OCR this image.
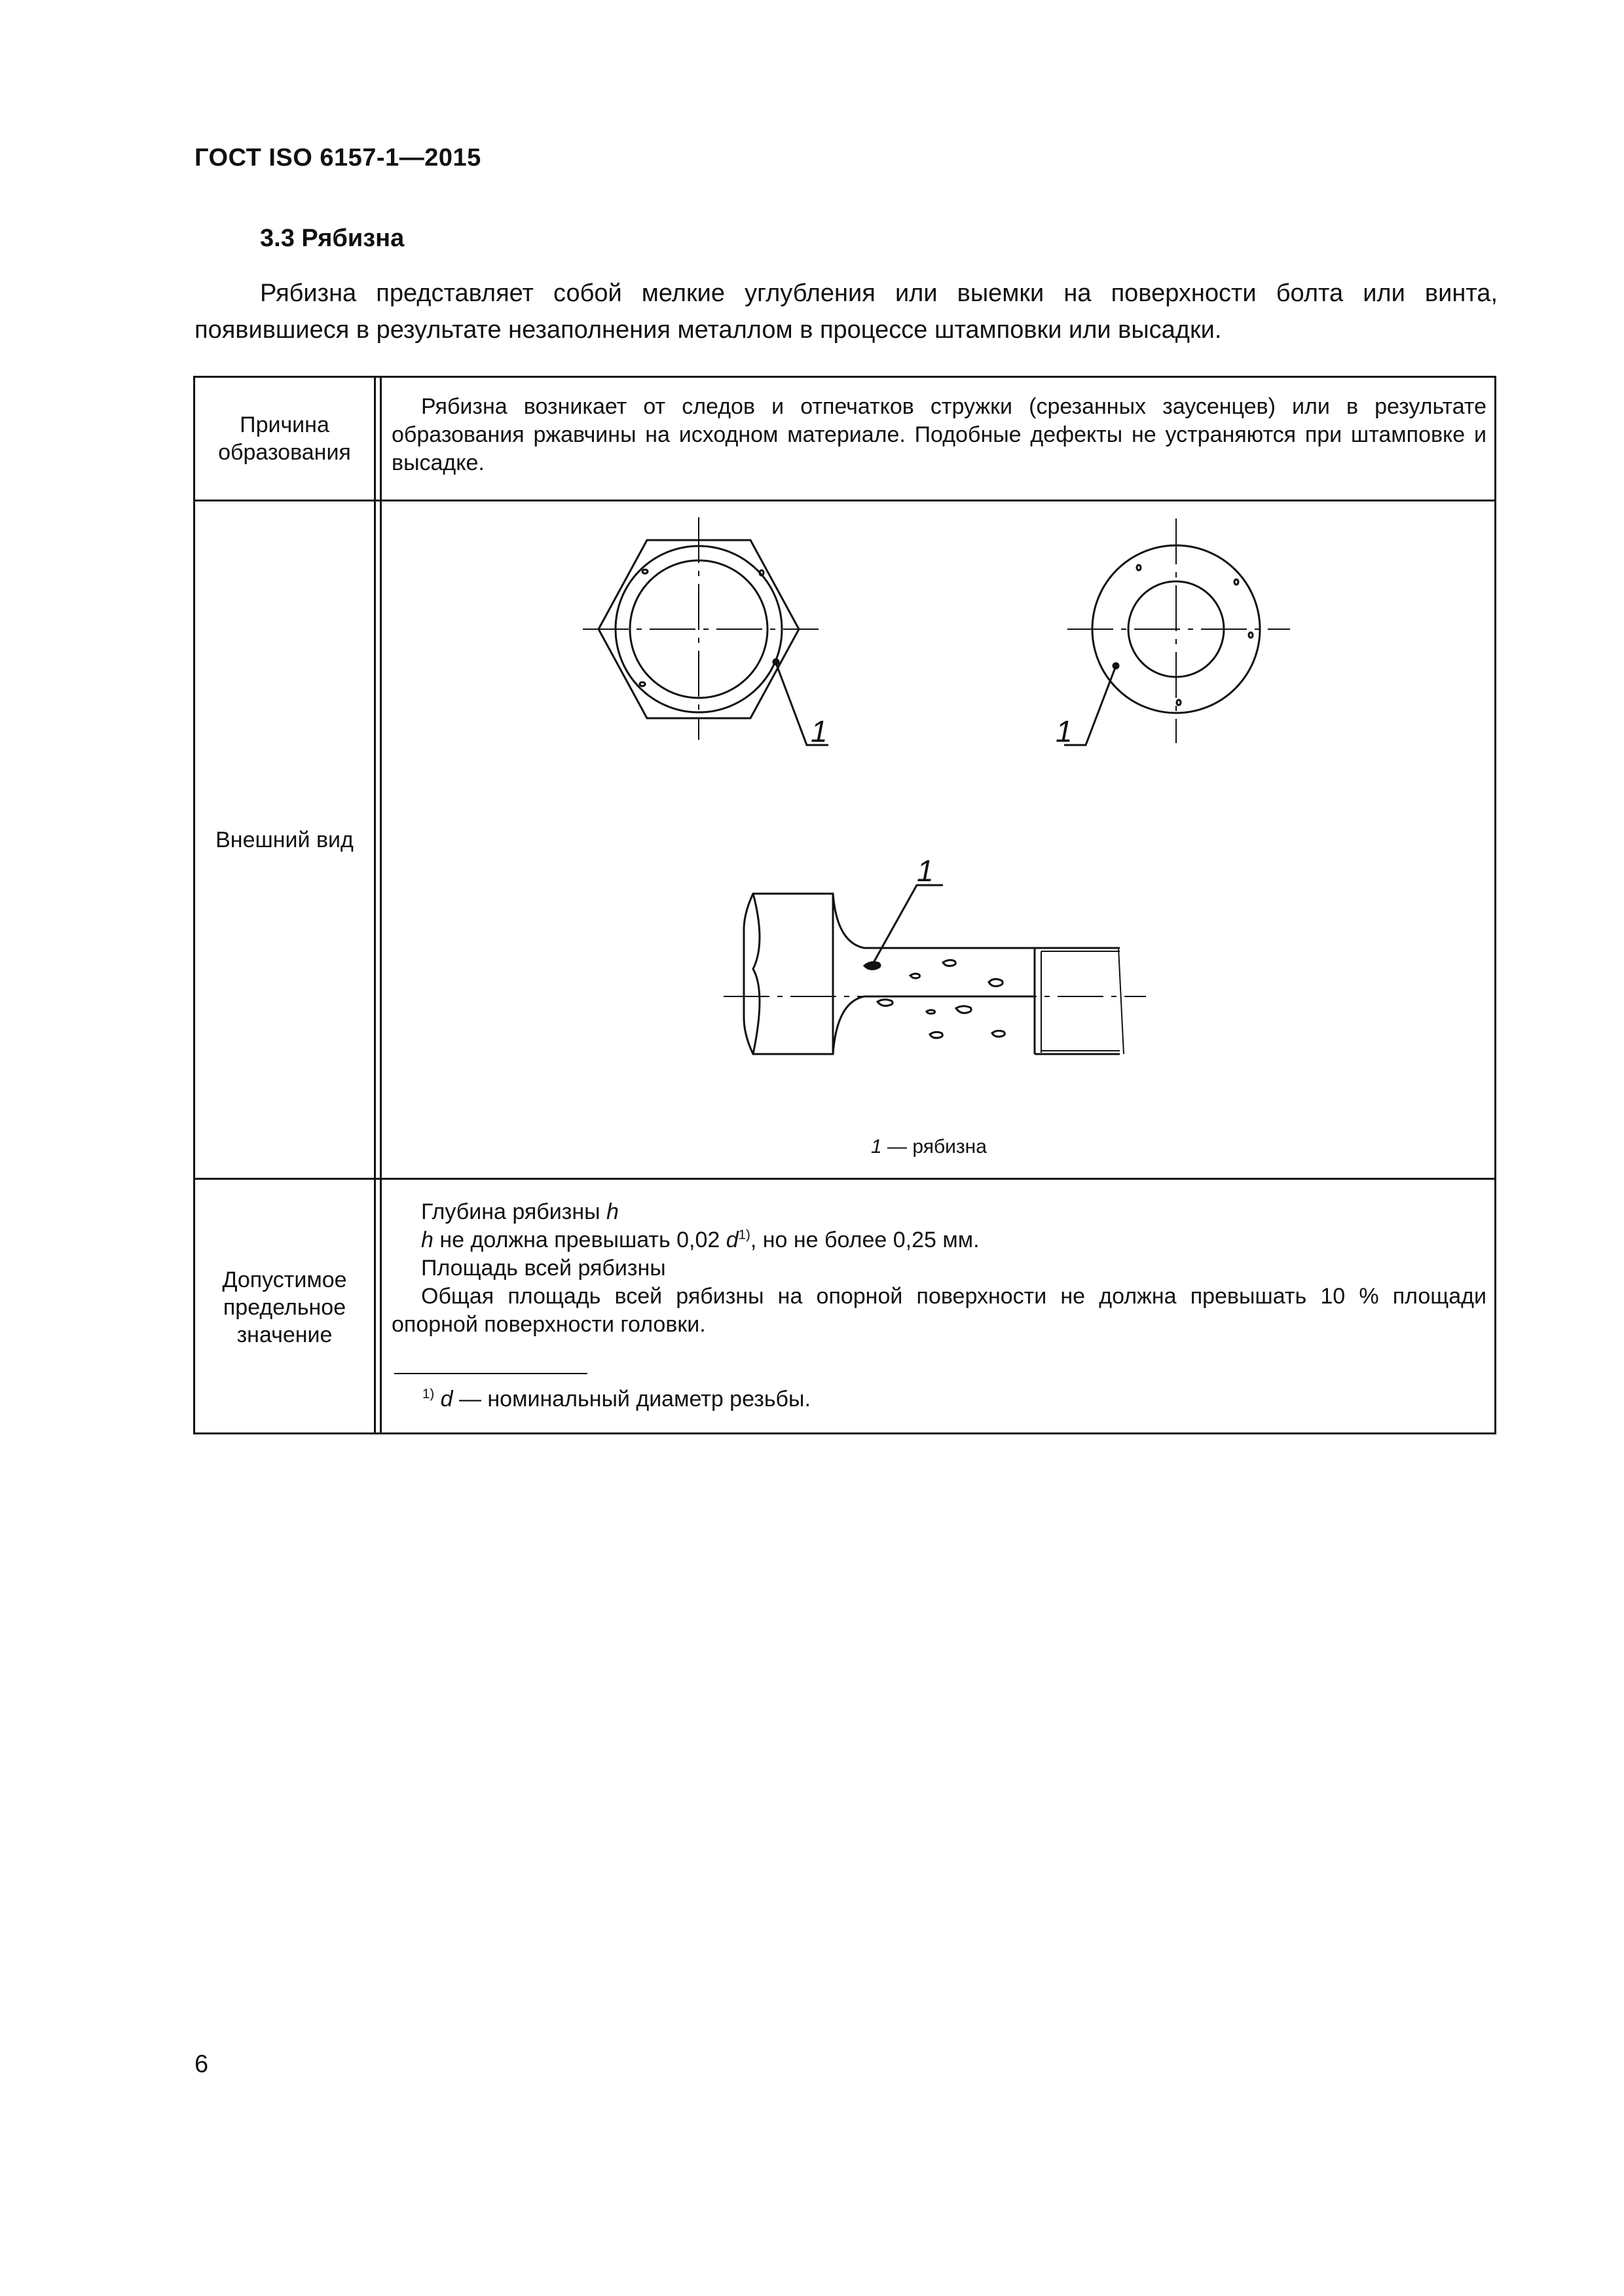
ГОСТ ISO 6157-1—2015
3.3 Рябизна
Рябизна представляет собой мелкие углубления или выемки на поверхности болта или винта, появившиеся в результате незаполнения металлом в процессе штамповки или высадки.
Причина образования
Рябизна возникает от следов и отпечатков стружки (срезанных заусенцев) или в результате образования ржавчины на исходном материале. Подобные дефекты не устраняются при штамповке и высадке.
Внешний вид
1	1
1
1 — рябизна
Допустимое предельное значение

Глубина рябизны h

h не должна превышать 0,02 $d^{1)}$, но не более 0,25 мм.

Площадь всей рябизны

Общая площадь всей рябизны на опорной поверхности не должна превышать 10 % площади опорной поверхности головки.

$^{1)}$ d — номинальный диаметр резьбы.
6
